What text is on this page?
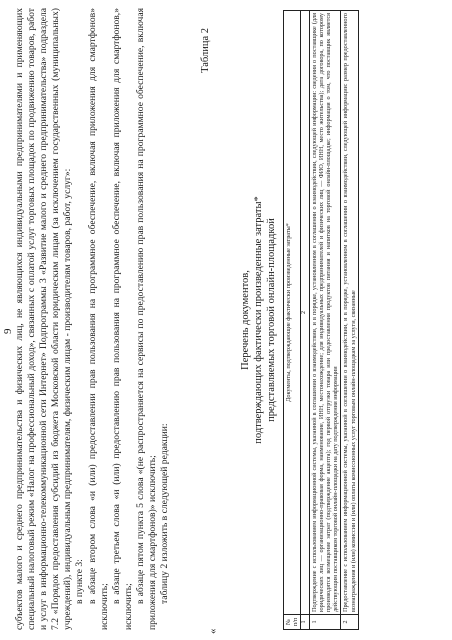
9 субъектов малого и среднего предпринимательства и физических лиц, не являющихся индивидуальными предпринимателями и применяющих специальный налоговый режим «Налог на профессиональный доход», связанных с оплатой услуг торговых площадок по продвижению товаров, работ и услуг в информационно-телекоммуникационной сети Интернет» Подпрограммы 3 «Развитие малого и среднего предпринимательства» подраздела 7.2 «Порядок предоставления субсидий из бюджета Московской области юридическим лицам (за исключением государственных (муниципальных) учреждений), индивидуальным предпринимателям, физическим лицам - производителям товаров, работ, услуг»: в пункте 3: в абзаце втором слова «и (или) предоставлении прав пользования на программное обеспечение, включая приложения для смартфонов» исключить;

в абзаце третьем слова «и (или) предоставлению прав пользования на программное обеспечение, включая приложения для смартфонов,» исключить;

в абзаце пятом пункта 5 слова «(не распространяется на сервисы по предоставлению прав пользования на программное обеспечение, включая приложения для смартфонов)» исключить; таблицу 2 изложить в следующей редакции:

«
Таблица 2
Перечень документов, подтверждающих фактически произведенные затраты* представляемых торговой онлайн-площадкой
№ п/п	Документы, подтверждающие фактически произведенные затраты*
1	2
1	Подтверждение с использованием информационной системы, указанной в соглашении о взаимодействии, и в порядке, установленном в соглашении о взаимодействии, следующей информации: сведения о поставщике (для юридических лиц — организационно-правовая форма, наименование, ИНН, местонахождение; для индивидуальных предпринимателей и физических лиц — ФИО, ИНН, место жительства); дата договора, по которому производятся возмещение затрат (подтверждение акцепта); год первой отгрузки товара или предоставления продуктов питания и напитков на торговой онлайн-площадке; информация о том, что поставщик является действующим поставщиком торговой онлайн-площадки на дату подтверждения информации
2	Предоставление с использованием информационной системы, указанной в соглашении о взаимодействии, и в порядке, установленном в соглашении о взаимодействии, следующей информации: размер предоставленного вознаграждения и (или) комиссии и (или) оплаты комиссионных услуг торговым онлайн-площадкам за услуги, связанные
